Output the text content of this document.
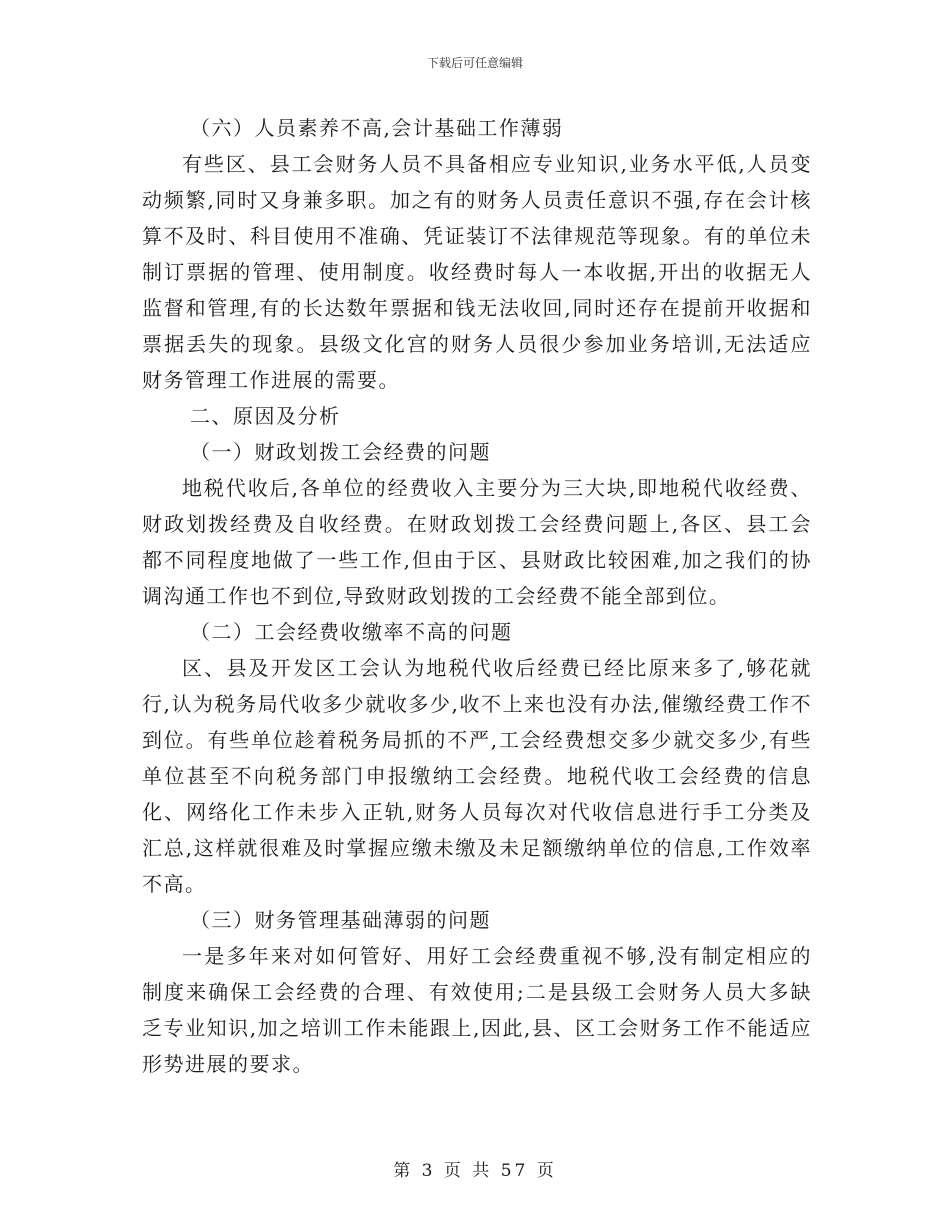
下载后可任意编辑

（六）人员素养不高,会计基础工作薄弱

有些区、县工会财务人员不具备相应专业知识,业务水平低,人员变动频繁,同时又身兼多职。加之有的财务人员责任意识不强,存在会计核算不及时、科目使用不准确、凭证装订不法律规范等现象。有的单位未制订票据的管理、使用制度。收经费时每人一本收据,开出的收据无人监督和管理,有的长达数年票据和钱无法收回,同时还存在提前开收据和票据丢失的现象。县级文化宫的财务人员很少参加业务培训,无法适应财务管理工作进展的需要。

二、原因及分析

（一）财政划拨工会经费的问题

地税代收后,各单位的经费收入主要分为三大块,即地税代收经费、财政划拨经费及自收经费。在财政划拨工会经费问题上,各区、县工会都不同程度地做了一些工作,但由于区、县财政比较困难,加之我们的协调沟通工作也不到位,导致财政划拨的工会经费不能全部到位。

（二）工会经费收缴率不高的问题

区、县及开发区工会认为地税代收后经费已经比原来多了,够花就行,认为税务局代收多少就收多少,收不上来也没有办法,催缴经费工作不到位。有些单位趁着税务局抓的不严,工会经费想交多少就交多少,有些单位甚至不向税务部门申报缴纳工会经费。地税代收工会经费的信息化、网络化工作未步入正轨,财务人员每次对代收信息进行手工分类及汇总,这样就很难及时掌握应缴未缴及未足额缴纳单位的信息,工作效率不高。

（三）财务管理基础薄弱的问题

一是多年来对如何管好、用好工会经费重视不够,没有制定相应的制度来确保工会经费的合理、有效使用;二是县级工会财务人员大多缺乏专业知识,加之培训工作未能跟上,因此,县、区工会财务工作不能适应形势进展的要求。

第 3 页 共 57 页
